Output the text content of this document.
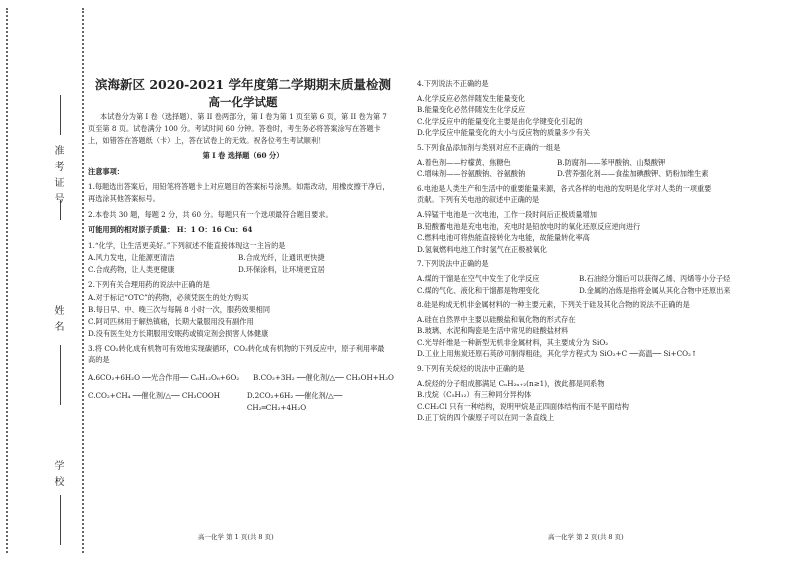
准考证号
姓名
学校

滨海新区 2020-2021 学年度第二学期期末质量检测

高一化学试题

本试卷分为第 I 卷（选择题）、第 II 卷两部分，第 I 卷为第 1 页至第 6 页，第 II 卷为第 7

页至第 8 页。试卷满分 100 分。考试时间 60 分钟。答卷时，考生务必将答案涂写在答题卡

上，如错答在答题纸（卡）上，答在试卷上的无效。祝各位考生考试顺利！

第 I 卷 选择题（60 分）

注意事项：

1.每题选出答案后，用铅笔将答题卡上对应题目的答案标号涂黑。如需改动，用橡皮擦干净后，

再选涂其他答案标号。

2.本卷共 30 题，每题 2 分，共 60 分。每题只有一个选项最符合题目要求。

可能用到的相对原子质量： H：1 O：16 Cu：64

1.“化学，让生活更美好。”下列叙述不能直接体现这一主旨的是

A.风力发电，让能源更清洁	B.合成光纤，让通讯更快捷
C.合成药物，让人类更健康	D.环保涂料，让环境更宜居

2.下列有关合理用药的说法中正确的是

A.对于标记“OTC”的药物，必须凭医生的处方购买

B.每日早、中、晚三次与每隔 8 小时一次，服药效果相同

C.阿司匹林用于解热镇痛，长期大量服用没有副作用

D.没有医生处方长期服用安眠药或镇定剂会损害人体健康

3.将 CO₂转化成有机物可有效地实现碳循环，CO₂转化成有机物的下列反应中，原子利用率最

高的是

A.6CO₂+6H₂O ──光合作用── C₆H₁₂O₆+6O₂	B.CO₂+3H₂ ──催化剂/△── CH₃OH+H₂O
C.CO₂+CH₄ ──催化剂/△── CH₃COOH	D.2CO₂+6H₂ ──催化剂/△── CH₂═CH₂+4H₂O
高一化学 第 1 页(共 8 页)

4.下列说法不正确的是

A.化学反应必然伴随发生能量变化

B.能量变化必然伴随发生化学反应

C.化学反应中的能量变化主要是由化学键变化引起的

D.化学反应中能量变化的大小与反应物的质量多少有关

5.下列食品添加剂与类别对应不正确的一组是

A.着色剂——柠檬黄、焦糖色	B.防腐剂——苯甲酸钠、山梨酸钾
C.增味剂——谷氨酸钠、谷氨酸钠	D.营养强化剂——食盐加碘酸钾、奶粉加维生素

6.电池是人类生产和生活中的重要能量来源，各式各样的电池的发明是化学对人类的一项重要

贡献。下列有关电池的叙述中正确的是

A.锌锰干电池是一次电池，工作一段时间后正极质量增加

B.铅酸蓄电池是充电电池，充电时是铅放电时的氧化还原反应逆向进行

C.燃料电池可将热能直接转化为电能，故能量转化率高

D.氢氧燃料电池工作时氢气在正极被氧化

7.下列说法中正确的是

A.煤的干馏是在空气中发生了化学反应	B.石油经分馏后可以获得乙烯、丙烯等小分子烃
C.煤的气化、液化和干馏都是物理变化	D.金属的冶炼是指将金属从其化合物中还原出来

8.硅是构成无机非金属材料的一种主要元素，下列关于硅及其化合物的说法不正确的是

A.硅在自然界中主要以硅酸盐和氧化物的形式存在

B.玻璃、水泥和陶瓷是生活中常见的硅酸盐材料

C.光导纤维是一种新型无机非金属材料，其主要成分为 SiO₂

D.工业上用焦炭还原石英砂可制得粗硅，其化学方程式为 SiO₂+C ──高温── Si+CO₂↑

9.下列有关烷烃的说法中正确的是

A.烷烃的分子组成都满足 CₙH₂ₙ₊₂(n≥1)，彼此都是同系物

B.戊烷（C₅H₁₂）有三种同分异构体

C.CH₂Cl 只有一种结构，说明甲烷是正四面体结构而不是平面结构

D.正丁烷的四个碳原子可以在同一条直线上

高一化学 第 2 页(共 8 页)
